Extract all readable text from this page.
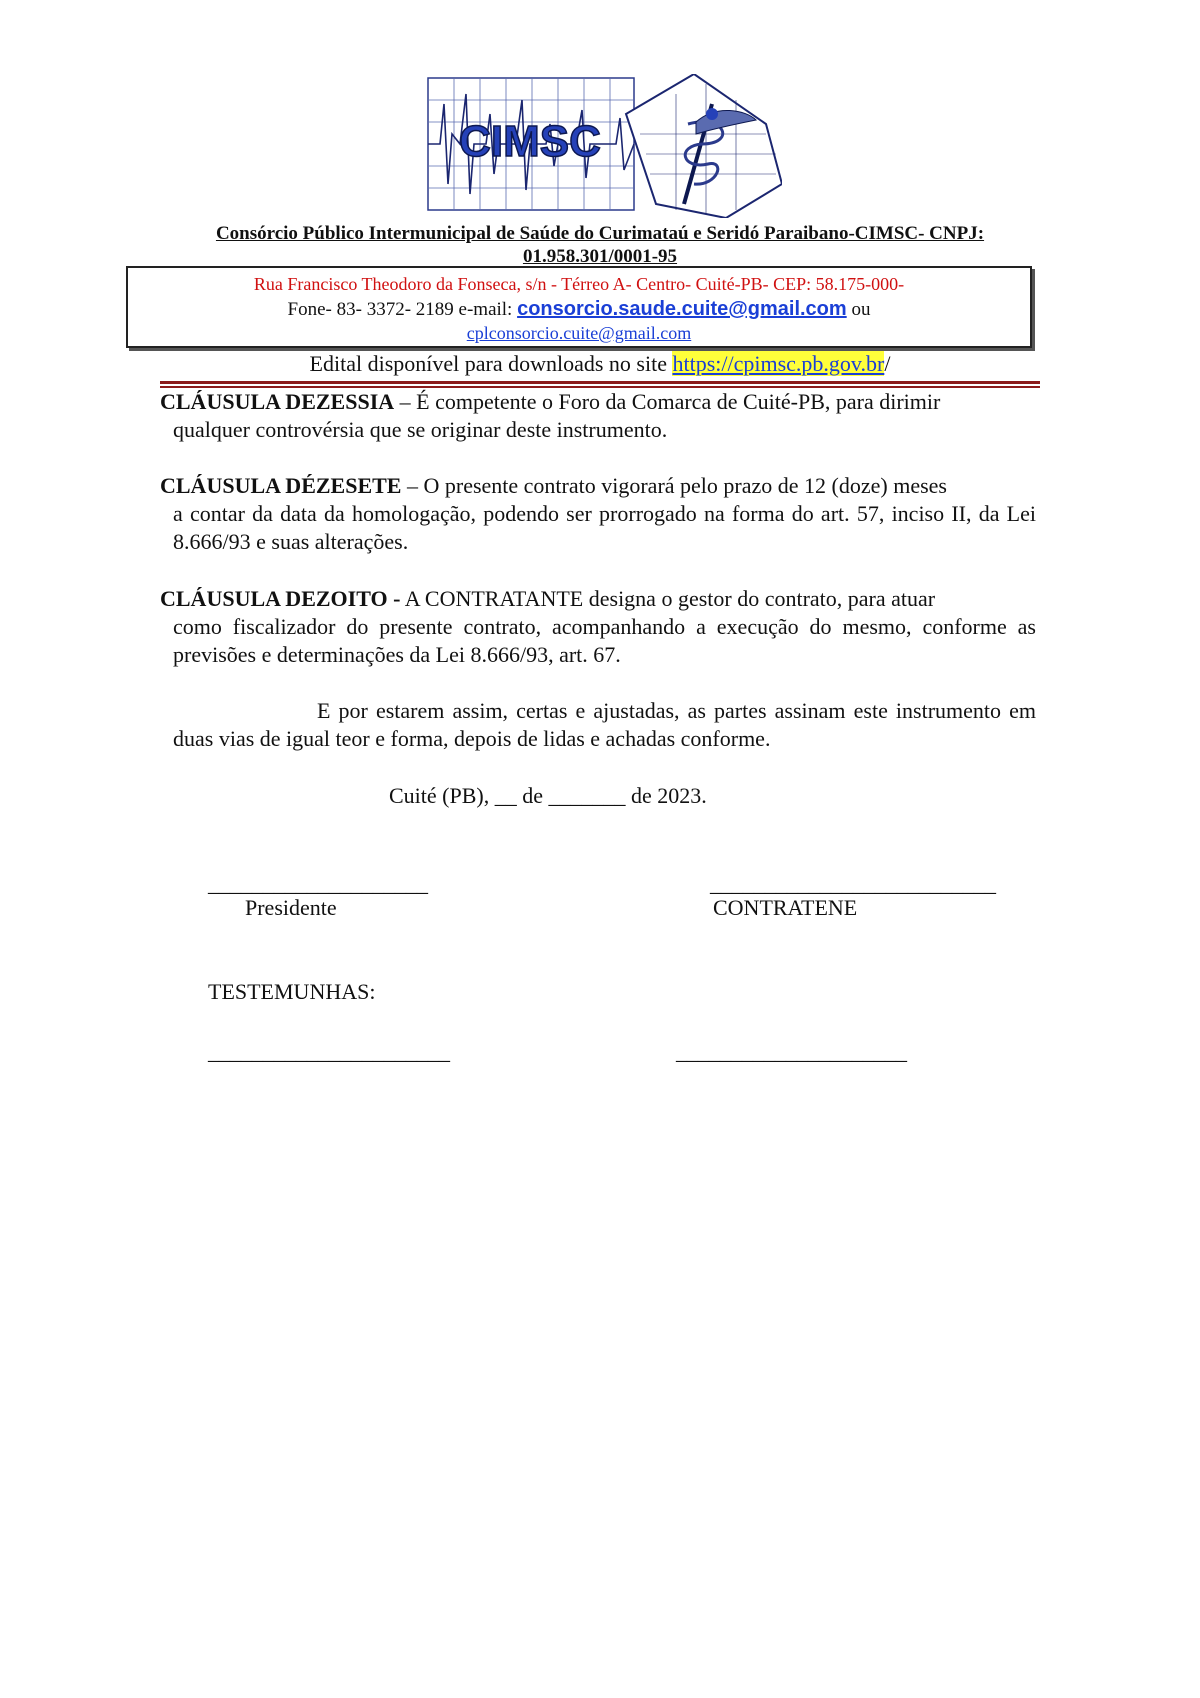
CIMSC
Consórcio Público Intermunicipal de Saúde do Curimataú e Seridó Paraibano-CIMSC- CNPJ: 01.958.301/0001-95
Rua Francisco Theodoro da Fonseca, s/n - Térreo A- Centro- Cuité-PB- CEP: 58.175-000-
Fone- 83- 3372- 2189 e-mail: consorcio.saude.cuite@gmail.com ou
cplconsorcio.cuite@gmail.com
Edital disponível para downloads no site https://cpimsc.pb.gov.br/
CLÁUSULA DEZESSIA – É competente o Foro da Comarca de Cuité-PB, para dirimir
qualquer controvérsia que se originar deste instrumento.
CLÁUSULA DÉZESETE – O presente contrato vigorará pelo prazo de 12 (doze) meses
a contar da data da homologação, podendo ser prorrogado na forma do art. 57, inciso II, da Lei 8.666/93 e suas alterações.
CLÁUSULA DEZOITO - A CONTRATANTE designa o gestor do contrato, para atuar
como fiscalizador do presente contrato, acompanhando a execução do mesmo, conforme as previsões e determinações da Lei 8.666/93, art. 67.
E por estarem assim, certas e ajustadas, as partes assinam este instrumento em duas vias de igual teor e forma, depois de lidas e achadas conforme.
Cuité (PB), __ de _______ de 2023.
____________________
Presidente
__________________________
CONTRATENE
TESTEMUNHAS:
______________________	_____________________
